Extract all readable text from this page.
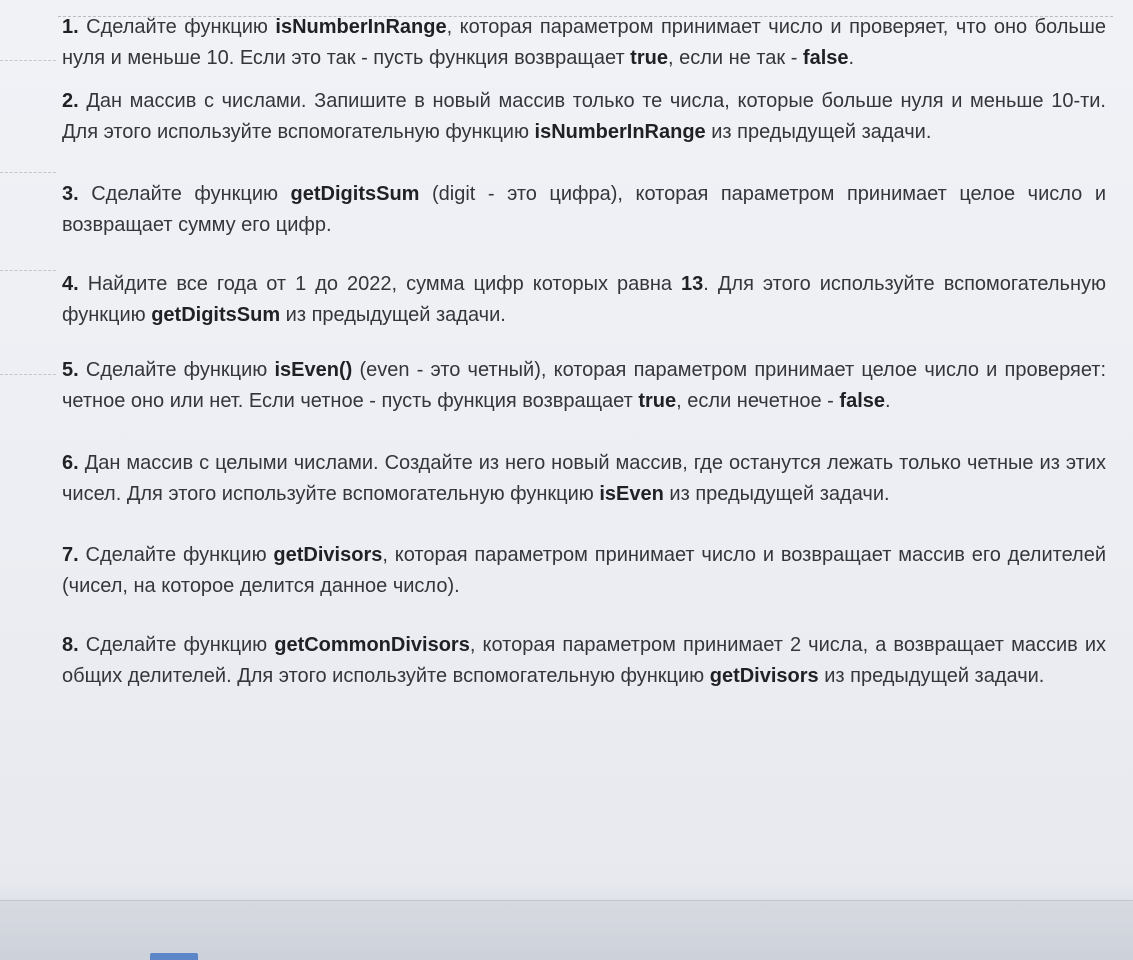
1. Сделайте функцию isNumberInRange, которая параметром принимает число и проверяет, что оно больше нуля и меньше 10. Если это так - пусть функция возвращает true, если не так - false.

2. Дан массив с числами. Запишите в новый массив только те числа, которые больше нуля и меньше 10-ти. Для этого используйте вспомогательную функцию isNumberInRange из предыдущей задачи.

3. Сделайте функцию getDigitsSum (digit - это цифра), которая параметром принимает целое число и возвращает сумму его цифр.

4. Найдите все года от 1 до 2022, сумма цифр которых равна 13. Для этого используйте вспомогательную функцию getDigitsSum из предыдущей задачи.

5. Сделайте функцию isEven() (even - это четный), которая параметром принимает целое число и проверяет: четное оно или нет. Если четное - пусть функция возвращает true, если нечетное - false.

6. Дан массив с целыми числами. Создайте из него новый массив, где останутся лежать только четные из этих чисел. Для этого используйте вспомогательную функцию isEven из предыдущей задачи.

7. Сделайте функцию getDivisors, которая параметром принимает число и возвращает массив его делителей (чисел, на которое делится данное число).

8. Сделайте функцию getCommonDivisors, которая параметром принимает 2 числа, а возвращает массив их общих делителей. Для этого используйте вспомогательную функцию getDivisors из предыдущей задачи.
